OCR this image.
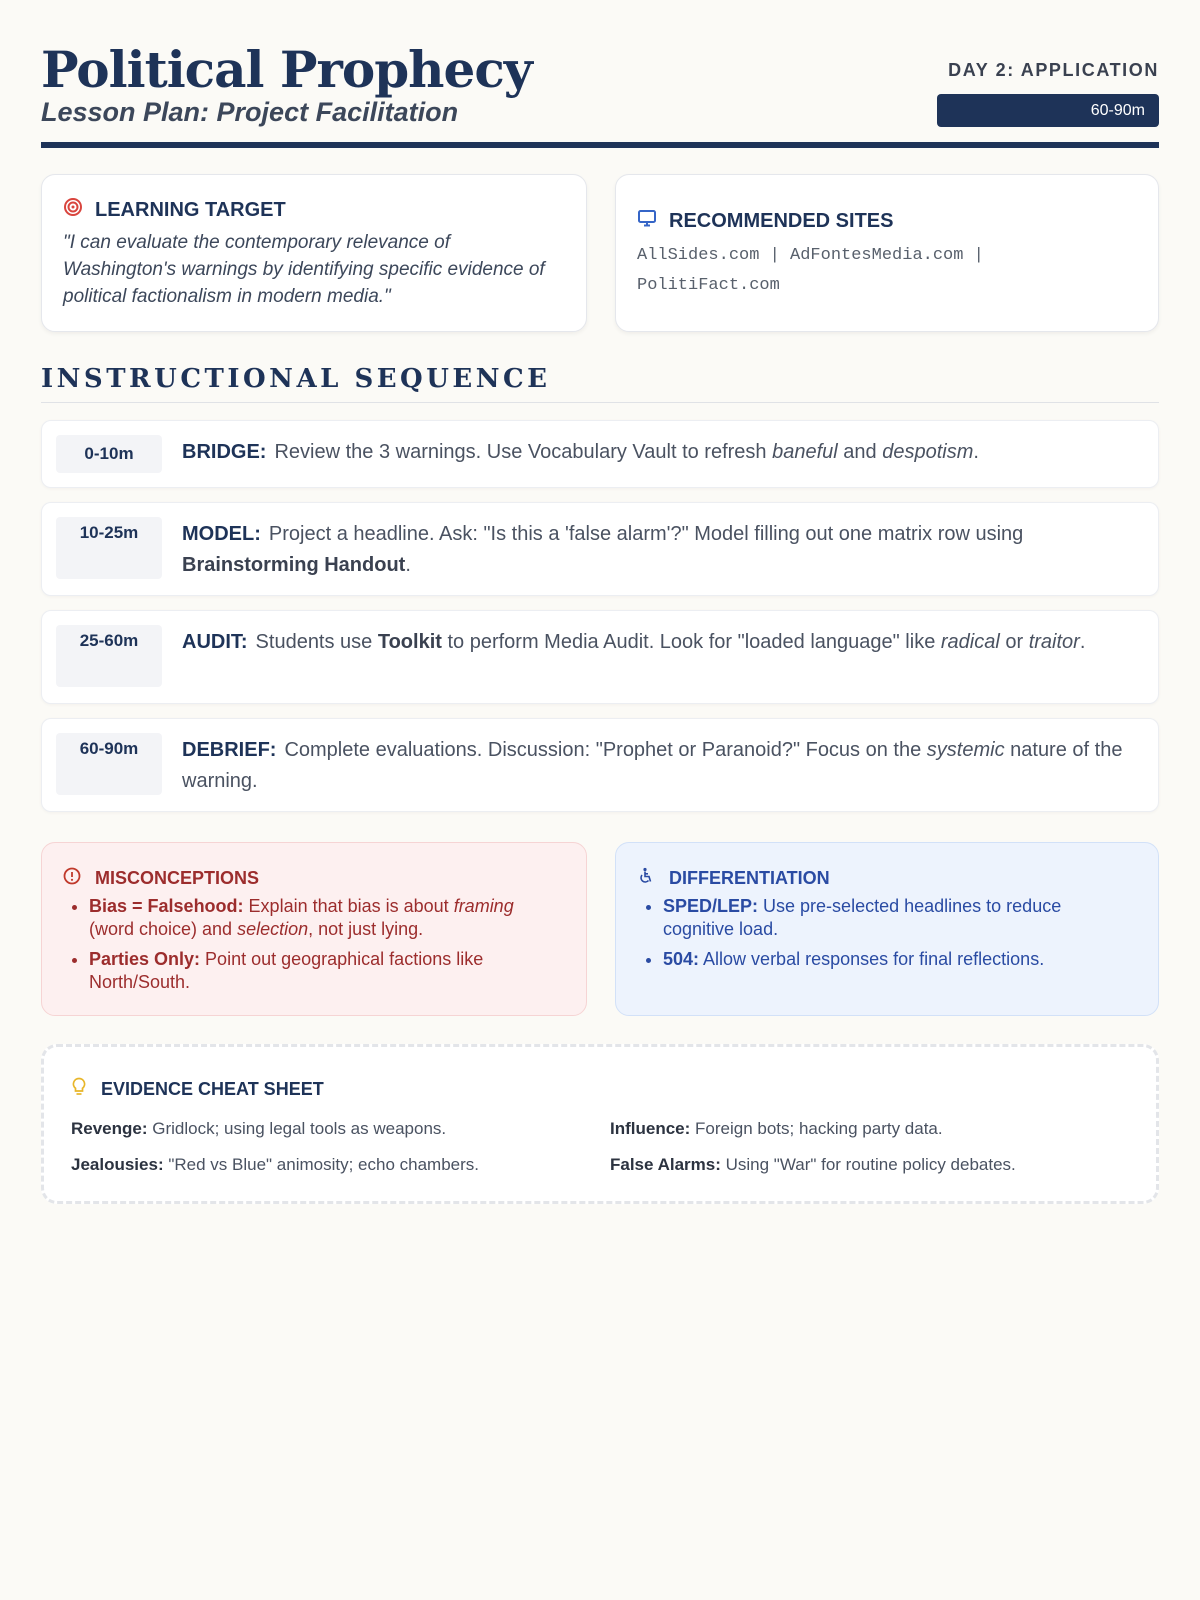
Political Prophecy
Lesson Plan: Project Facilitation
DAY 2: APPLICATION
60-90m
LEARNING TARGET
"I can evaluate the contemporary relevance of Washington's warnings by identifying specific evidence of political factionalism in modern media."
RECOMMENDED SITES
AllSides.com | AdFontesMedia.com | PolitiFact.com
INSTRUCTIONAL SEQUENCE
0-10m	BRIDGE: Review the 3 warnings. Use Vocabulary Vault to refresh baneful and despotism.
10-25m	MODEL: Project a headline. Ask: "Is this a 'false alarm'?" Model filling out one matrix row using Brainstorming Handout.
25-60m	AUDIT: Students use Toolkit to perform Media Audit. Look for "loaded language" like radical or traitor.
60-90m	DEBRIEF: Complete evaluations. Discussion: "Prophet or Paranoid?" Focus on the systemic nature of the warning.
MISCONCEPTIONS
• Bias = Falsehood: Explain that bias is about framing (word choice) and selection, not just lying.
• Parties Only: Point out geographical factions like North/South.
DIFFERENTIATION
• SPED/LEP: Use pre-selected headlines to reduce cognitive load.
• 504: Allow verbal responses for final reflections.
EVIDENCE CHEAT SHEET
Revenge: Gridlock; using legal tools as weapons.	Influence: Foreign bots; hacking party data.
Jealousies: "Red vs Blue" animosity; echo chambers.	False Alarms: Using "War" for routine policy debates.
